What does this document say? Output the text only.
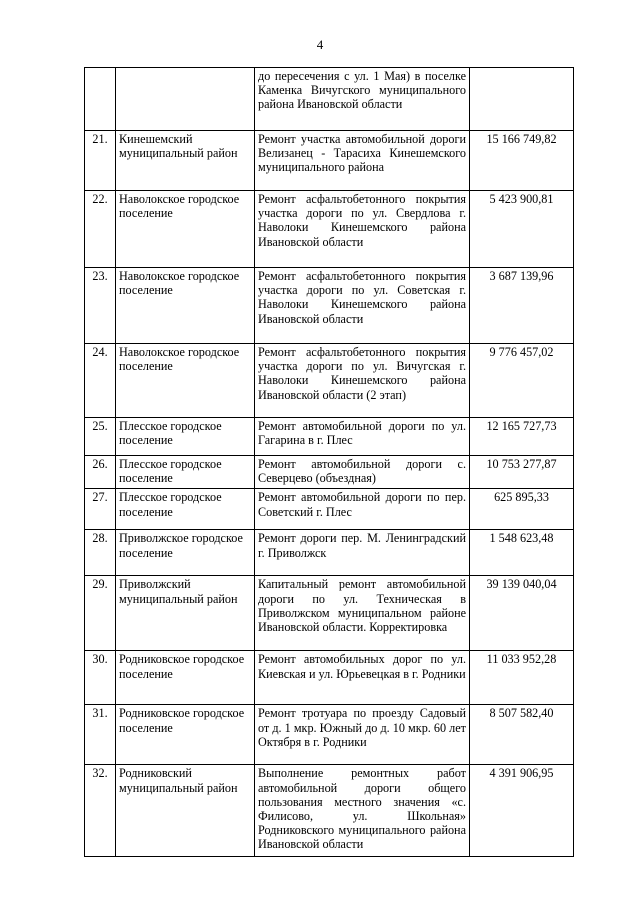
4
		до пересечения с ул. 1 Мая) в поселке Каменка Вичугского муниципального района Ивановской области	
21.	Кинешемский муниципальный район	Ремонт участка автомобильной дороги Велизанец - Тарасиха Кинешемского муниципального района	15 166 749,82
22.	Наволокское городское поселение	Ремонт асфальтобетонного покрытия участка дороги по ул. Свердлова г. Наволоки Кинешемского района Ивановской области	5 423 900,81
23.	Наволокское городское поселение	Ремонт асфальтобетонного покрытия участка дороги по ул. Советская г. Наволоки Кинешемского района Ивановской области	3 687 139,96
24.	Наволокское городское поселение	Ремонт асфальтобетонного покрытия участка дороги по ул. Вичугская г. Наволоки Кинешемского района Ивановской области (2 этап)	9 776 457,02
25.	Плесское городское поселение	Ремонт автомобильной дороги по ул. Гагарина в г. Плес	12 165 727,73
26.	Плесское городское поселение	Ремонт автомобильной дороги с. Северцево (объездная)	10 753 277,87
27.	Плесское городское поселение	Ремонт автомобильной дороги по пер. Советский г. Плес	625 895,33
28.	Приволжское городское поселение	Ремонт дороги пер. М. Ленинградский г. Приволжск	1 548 623,48
29.	Приволжский муниципальный район	Капитальный ремонт автомобильной дороги по ул. Техническая в Приволжском муниципальном районе Ивановской области. Корректировка	39 139 040,04
30.	Родниковское городское поселение	Ремонт автомобильных дорог по ул. Киевская и ул. Юрьевецкая в г. Родники	11 033 952,28
31.	Родниковское городское поселение	Ремонт тротуара по проезду Садовый от д. 1 мкр. Южный до д. 10 мкр. 60 лет Октября в г. Родники	8 507 582,40
32.	Родниковский муниципальный район	Выполнение ремонтных работ автомобильной дороги общего пользования местного значения «с. Филисово, ул. Школьная» Родниковского муниципального района Ивановской области	4 391 906,95
